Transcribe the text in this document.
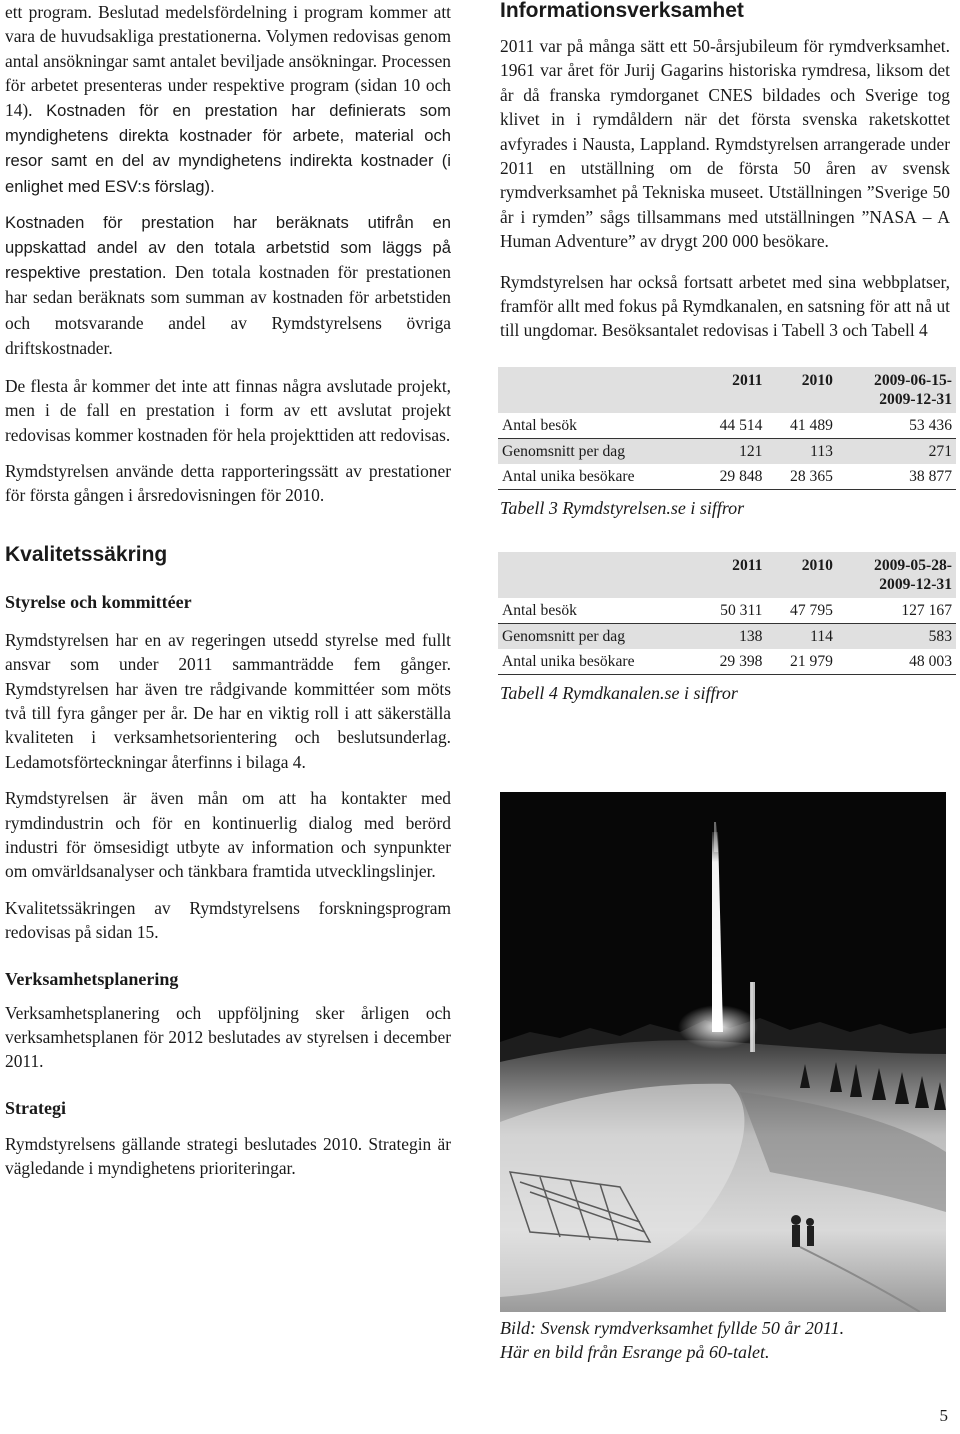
ett program. Beslutad medelsfördelning i program kommer att vara de huvudsakliga prestationerna. Volymen redovisas genom antal ansökningar samt antalet beviljade ansökningar. Processen för arbetet presenteras under respektive program (sidan 10 och 14). Kostnaden för en prestation har definierats som myndighetens direkta kostnader för arbete, material och resor samt en del av myndighetens indirekta kostnader (i enlighet med ESV:s förslag).

Kostnaden för prestation har beräknats utifrån en uppskattad andel av den totala arbetstid som läggs på respektive prestation. Den totala kostnaden för prestationen har sedan beräknats som summan av kostnaden för arbetstiden och motsvarande andel av Rymdstyrelsens övriga driftskostnader.

De flesta år kommer det inte att finnas några avslutade projekt, men i de fall en prestation i form av ett avslutat projekt redovisas kommer kostnaden för hela projekttiden att redovisas.

Rymdstyrelsen använde detta rapporteringssätt av prestationer för första gången i årsredovisningen för 2010.

Kvalitetssäkring
Styrelse och kommittéer

Rymdstyrelsen har en av regeringen utsedd styrelse med fullt ansvar som under 2011 sammanträdde fem gånger. Rymdstyrelsen har även tre rådgivande kommittéer som möts två till fyra gånger per år. De har en viktig roll i att säkerställa kvaliteten i verksamhetsorientering och beslutsunderlag. Ledamotsförteckningar återfinns i bilaga 4.

Rymdstyrelsen är även mån om att ha kontakter med rymdindustrin och för en kontinuerlig dialog med berörd industri för ömsesidigt utbyte av information och synpunkter om omvärldsanalyser och tänkbara framtida utvecklingslinjer.

Kvalitetssäkringen av Rymdstyrelsens forskningsprogram redovisas på sidan 15.

Verksamhetsplanering

Verksamhetsplanering och uppföljning sker årligen och verksamhetsplanen för 2012 beslutades av styrelsen i december 2011.

Strategi

Rymdstyrelsens gällande strategi beslutades 2010. Strategin är vägledande i myndighetens prioriteringar.

Informationsverksamhet

2011 var på många sätt ett 50-årsjubileum för rymdverksamhet. 1961 var året för Jurij Gagarins historiska rymdresa, liksom det år då franska rymdorganet CNES bildades och Sverige tog klivet in i rymdåldern när det första svenska raketskottet avfyrades i Nausta, Lappland. Rymdstyrelsen arrangerade under 2011 en utställning om de första 50 åren av svensk rymdverksamhet på Tekniska museet. Utställningen ”Sverige 50 år i rymden” sågs tillsammans med utställningen ”NASA – A Human Adventure” av drygt 200 000 besökare.

Rymdstyrelsen har också fortsatt arbetet med sina webbplatser, framför allt med fokus på Rymdkanalen, en satsning för att nå ut till ungdomar. Besöksantalet redovisas i Tabell 3 och Tabell 4

	2011	2010	2009-06-15-
2009-12-31
Antal besök	44 514	41 489	53 436
Genomsnitt per dag	121	113	271
Antal unika besökare	29 848	28 365	38 877

Tabell 3 Rymdstyrelsen.se i siffror

	2011	2010	2009-05-28-
2009-12-31
Antal besök	50 311	47 795	127 167
Genomsnitt per dag	138	114	583
Antal unika besökare	29 398	21 979	48 003

Tabell 4 Rymdkanalen.se i siffror

Bild: Svensk rymdverksamhet fyllde 50 år 2011.
Här en bild från Esrange på 60-talet.

5
